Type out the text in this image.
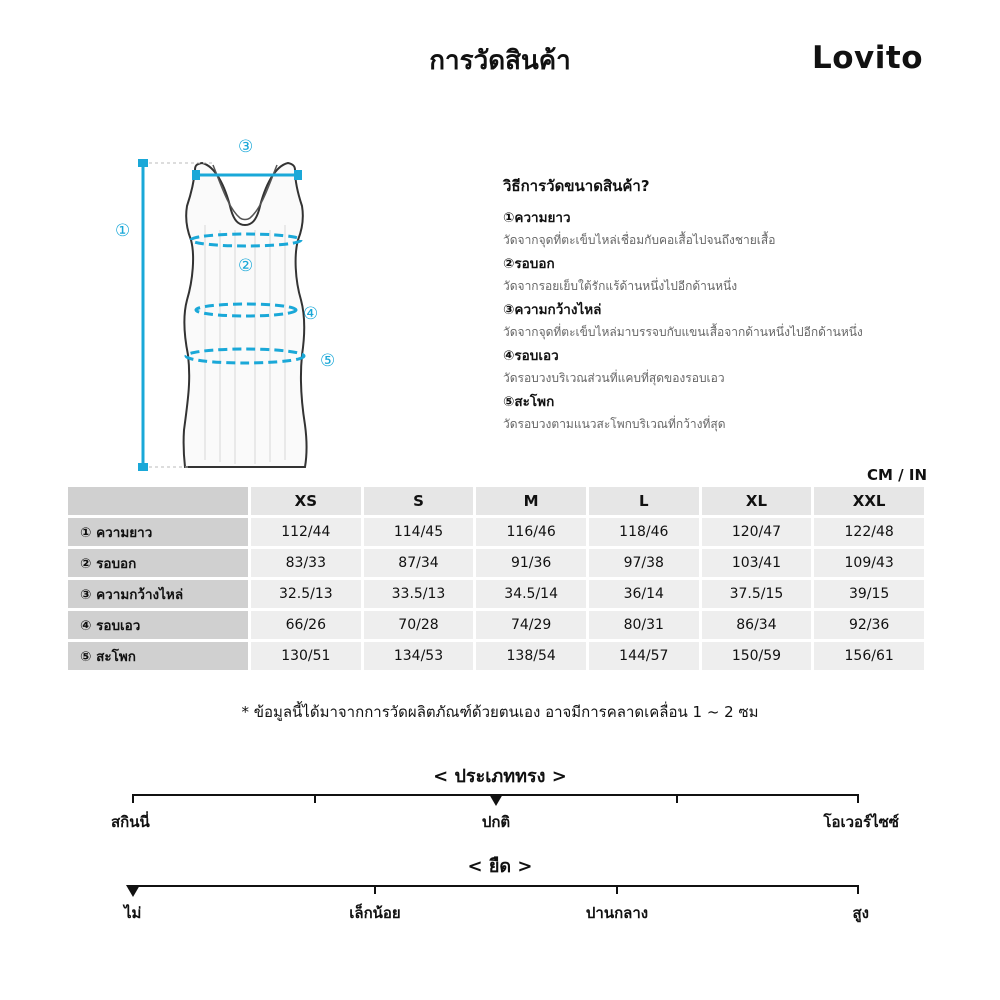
การวัดสินค้า	Lovito
①
②
③
④
⑤
วิธีการวัดขนาดสินค้า?
①ความยาว
วัดจากจุดที่ตะเข็บไหล่เชื่อมกับคอเสื้อไปจนถึงชายเสื้อ
②รอบอก
วัดจากรอยเย็บใต้รักแร้ด้านหนึ่งไปอีกด้านหนึ่ง
③ความกว้างไหล่
วัดจากจุดที่ตะเข็บไหล่มาบรรจบกับแขนเสื้อจากด้านหนึ่งไปอีกด้านหนึ่ง
④รอบเอว
วัดรอบวงบริเวณส่วนที่แคบที่สุดของรอบเอว
⑤สะโพก
วัดรอบวงตามแนวสะโพกบริเวณที่กว้างที่สุด
CM / IN
	XS	S	M	L	XL	XXL
① ความยาว	112/44	114/45	116/46	118/46	120/47	122/48
② รอบอก	83/33	87/34	91/36	97/38	103/41	109/43
③ ความกว้างไหล่	32.5/13	33.5/13	34.5/14	36/14	37.5/15	39/15
④ รอบเอว	66/26	70/28	74/29	80/31	86/34	92/36
⑤ สะโพก	130/51	134/53	138/54	144/57	150/59	156/61
* ข้อมูลนี้ได้มาจากการวัดผลิตภัณฑ์ด้วยตนเอง อาจมีการคลาดเคลื่อน 1 ~ 2 ซม
< ประเภททรง >
สกินนี่	ปกติ	โอเวอร์ไซซ์
< ยืด >
ไม่	เล็กน้อย	ปานกลาง	สูง
